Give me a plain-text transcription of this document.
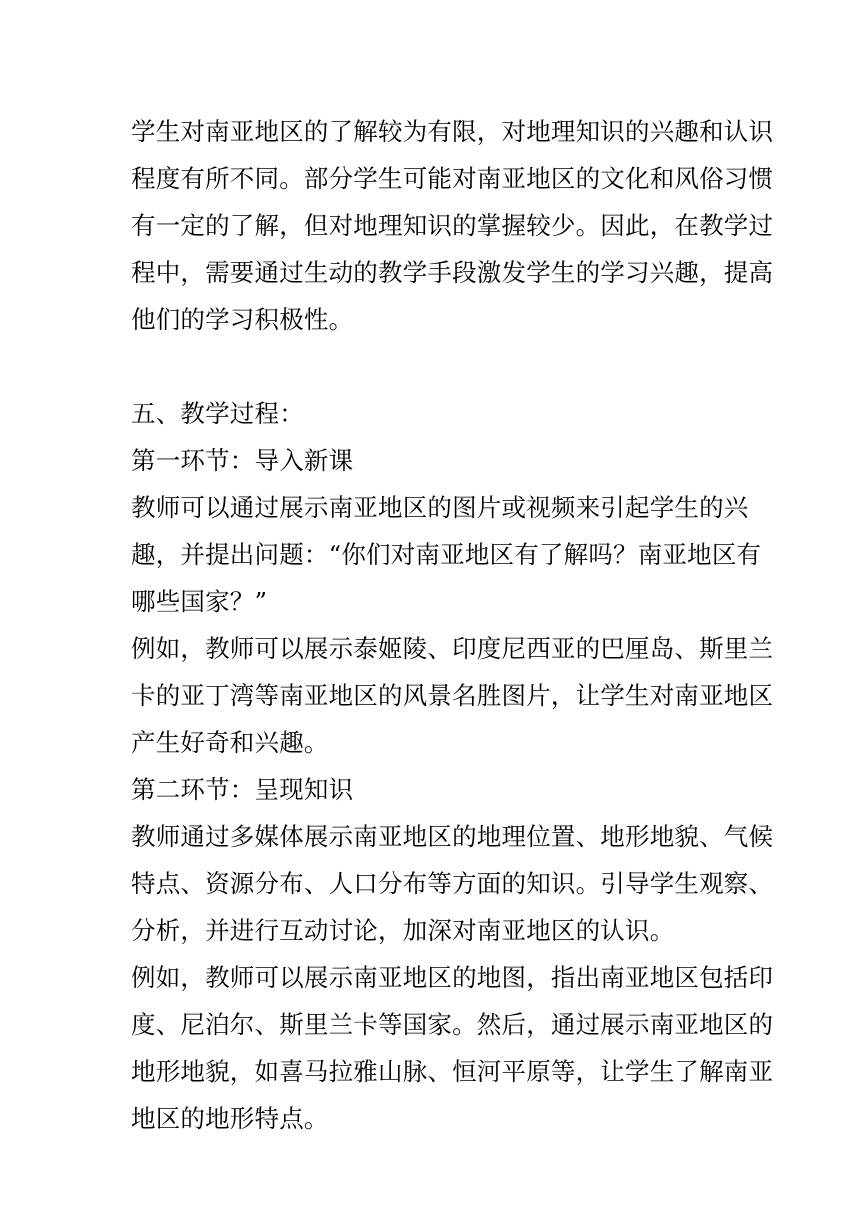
学生对南亚地区的了解较为有限，对地理知识的兴趣和认识
程度有所不同。部分学生可能对南亚地区的文化和风俗习惯
有一定的了解，但对地理知识的掌握较少。因此，在教学过
程中，需要通过生动的教学手段激发学生的学习兴趣，提高
他们的学习积极性。
五、教学过程：
第一环节：导入新课
教师可以通过展示南亚地区的图片或视频来引起学生的兴
趣，并提出问题：“你们对南亚地区有了解吗？南亚地区有
哪些国家？”
例如，教师可以展示泰姬陵、印度尼西亚的巴厘岛、斯里兰
卡的亚丁湾等南亚地区的风景名胜图片，让学生对南亚地区
产生好奇和兴趣。
第二环节：呈现知识
教师通过多媒体展示南亚地区的地理位置、地形地貌、气候
特点、资源分布、人口分布等方面的知识。引导学生观察、
分析，并进行互动讨论，加深对南亚地区的认识。
例如，教师可以展示南亚地区的地图，指出南亚地区包括印
度、尼泊尔、斯里兰卡等国家。然后，通过展示南亚地区的
地形地貌，如喜马拉雅山脉、恒河平原等，让学生了解南亚
地区的地形特点。
